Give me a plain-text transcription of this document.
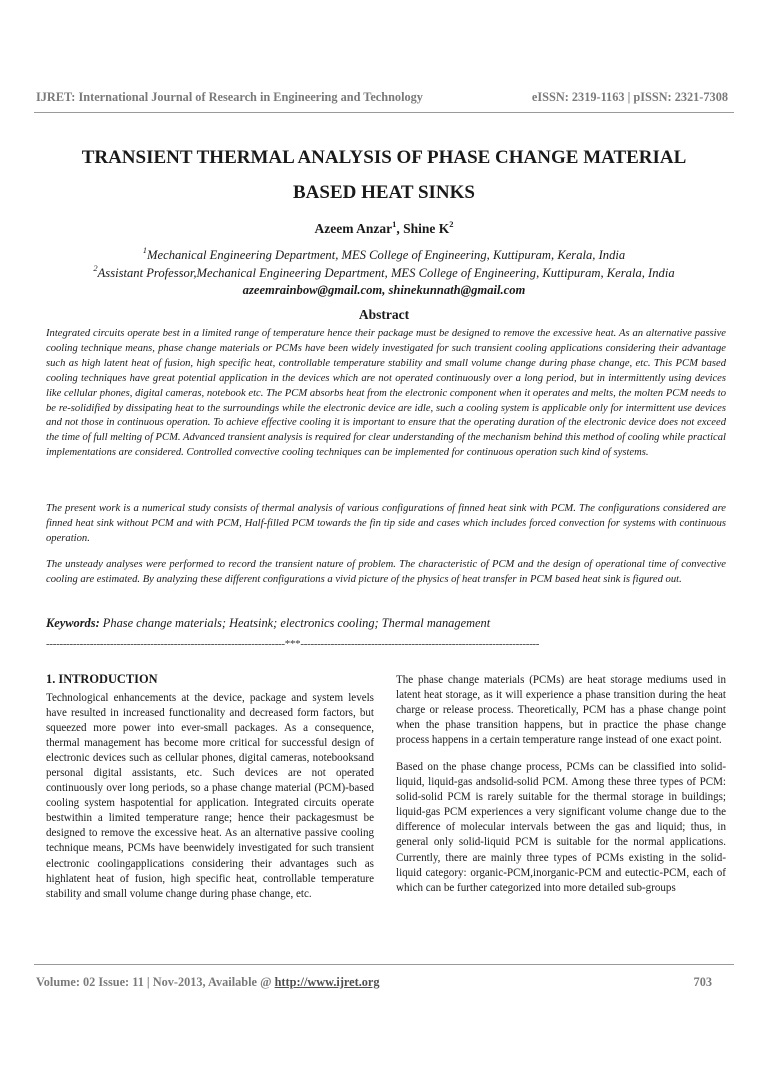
IJRET: International Journal of Research in Engineering and Technology	eISSN: 2319-1163 | pISSN: 2321-7308
TRANSIENT THERMAL ANALYSIS OF PHASE CHANGE MATERIAL
BASED HEAT SINKS
Azeem Anzar$^1$, Shine $K^2$
$^1$Mechanical Engineering Department, MES College of Engineering, Kuttipuram, Kerala, India
$^2$Assistant Professor,Mechanical Engineering Department, MES College of Engineering, Kuttipuram, Kerala, India
azeemrainbow@gmail.com, shinekunnath@gmail.com
Abstract
Integrated circuits operate best in a limited range of temperature hence their package must be designed to remove the excessive heat. As an alternative passive cooling technique means, phase change materials or PCMs have been widely investigated for such transient cooling applications considering their advantage such as high latent heat of fusion, high specific heat, controllable temperature stability and small volume change during phase change, etc. This PCM based cooling techniques have great potential application in the devices which are not operated continuously over a long period, but in intermittently using devices like cellular phones, digital cameras, notebook etc. The PCM absorbs heat from the electronic component when it operates and melts, the molten PCM needs to be re-solidified by dissipating heat to the surroundings while the electronic device are idle, such a cooling system is applicable only for intermittent use devices and not those in continuous operation. To achieve effective cooling it is important to ensure that the operating duration of the electronic device does not exceed the time of full melting of PCM. Advanced transient analysis is required for clear understanding of the mechanism behind this method of cooling while practical implementations are considered. Controlled convective cooling techniques can be implemented for continuous operation such kind of systems.
The present work is a numerical study consists of thermal analysis of various configurations of finned heat sink with PCM. The configurations considered are finned heat sink without PCM and with PCM, Half-filled PCM towards the fin tip side and cases which includes forced convection for systems with continuous operation.
The unsteady analyses were performed to record the transient nature of problem. The characteristic of PCM and the design of operational time of convective cooling are estimated. By analyzing these different configurations a vivid picture of the physics of heat transfer in PCM based heat sink is figured out.
Keywords: Phase change materials; Heatsink; electronics cooling; Thermal management
-----------------------------------------------------------------------***-----------------------------------------------------------------------
1. INTRODUCTION

Technological enhancements at the device, package and system levels have resulted in increased functionality and decreased form factors, but squeezed more power into ever-small packages. As a consequence, thermal management has become more critical for successful design of electronic devices such as cellular phones, digital cameras, notebooksand personal digital assistants, etc. Such devices are not operated continuously over long periods, so a phase change material (PCM)-based cooling system haspotential for application. Integrated circuits operate bestwithin a limited temperature range; hence their packagesmust be designed to remove the excessive heat. As an alternative passive cooling technique means, PCMs have beenwidely investigated for such transient electronic coolingapplications considering their advantages such as highlatent heat of fusion, high specific heat, controllable temperature stability and small volume change during phase change, etc.

The phase change materials (PCMs) are heat storage mediums used in latent heat storage, as it will experience a phase transition during the heat charge or release process. Theoretically, PCM has a phase change point when the phase transition happens, but in practice the phase change process happens in a certain temperature range instead of one exact point.

Based on the phase change process, PCMs can be classified into solid-liquid, liquid-gas andsolid-solid PCM. Among these three types of PCM: solid-solid PCM is rarely suitable for the thermal storage in buildings; liquid-gas PCM experiences a very significant volume change due to the difference of molecular intervals between the gas and liquid; thus, in general only solid-liquid PCM is suitable for the normal applications. Currently, there are mainly three types of PCMs existing in the solid-liquid category: organic-PCM,inorganic-PCM and eutectic-PCM, each of which can be further categorized into more detailed sub-groups

Volume: 02 Issue: 11 | Nov-2013, Available @ http://www.ijret.org	703
